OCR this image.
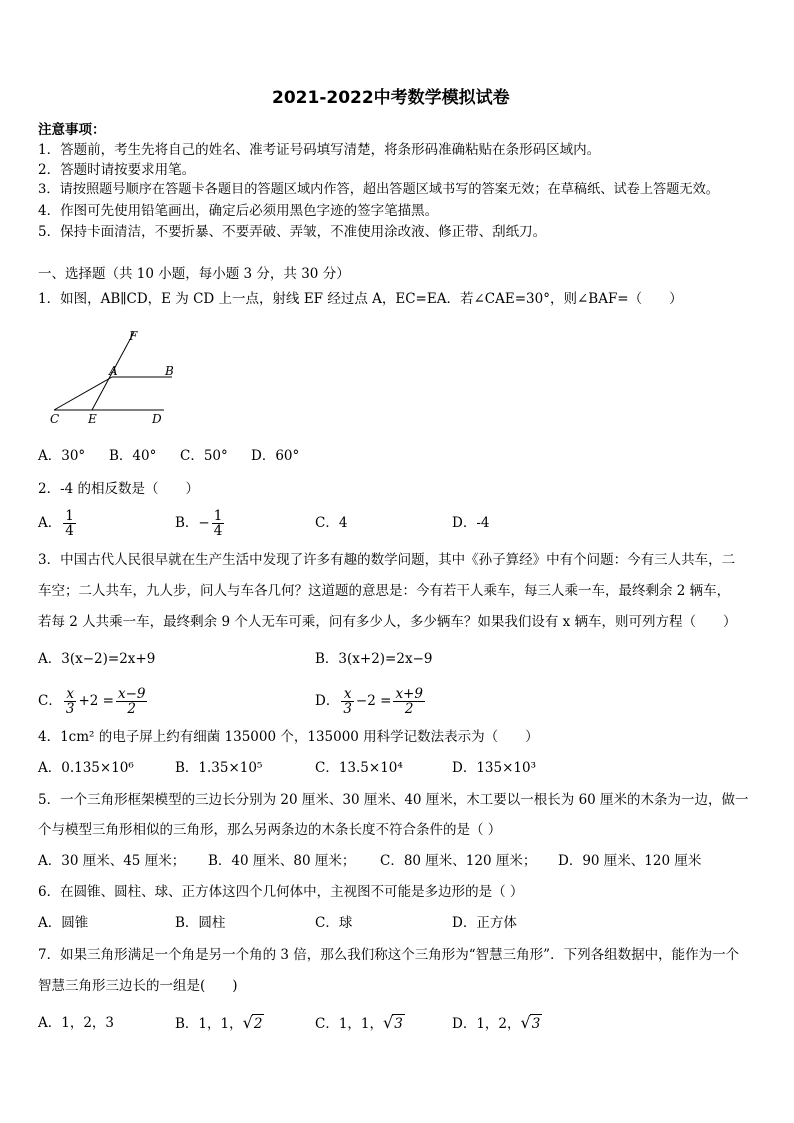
2021-2022中考数学模拟试卷
注意事项：
1．答题前，考生先将自己的姓名、准考证号码填写清楚，将条形码准确粘贴在条形码区域内。
2．答题时请按要求用笔。
3．请按照题号顺序在答题卡各题目的答题区域内作答，超出答题区域书写的答案无效；在草稿纸、试卷上答题无效。
4．作图可先使用铅笔画出，确定后必须用黑色字迹的签字笔描黑。
5．保持卡面清洁，不要折暴、不要弄破、弄皱，不准使用涂改液、修正带、刮纸刀。
一、选择题（共 10 小题，每小题 3 分，共 30 分）
1．如图，AB∥CD，E 为 CD 上一点，射线 EF 经过点 A，EC=EA．若∠CAE=30°，则∠BAF=（　　）
F
A	B
C E	D
A．30° B．40° C．50° D．60°
2．-4 的相反数是（　　）
A． $\frac{1}{4}$	B．− $\frac{1}{4}$	C．4	D．-4
3．中国古代人民很早就在生产生活中发现了许多有趣的数学问题，其中《孙子算经》中有个问题：今有三人共车，二
车空；二人共车，九人步，问人与车各几何？这道题的意思是：今有若干人乘车，每三人乘一车，最终剩余 2 辆车，
若每 2 人共乘一车，最终剩余 9 个人无车可乘，问有多少人，多少辆车？如果我们设有 x 辆车，则可列方程（　　）
A．3(x−2)=2x+9	B．3(x+2)=2x−9
C． $\frac{x}{3} +2 = \frac{x-9}{2}$	D． $\frac{x}{3} -2 = \frac{x+9}{2}$
4．1cm² 的电子屏上约有细菌 135000 个，135000 用科学记数法表示为（　　）
A．0.135×10⁶	B．1.35×10⁵	C．13.5×10⁴	D．135×10³
5．一个三角形框架模型的三边长分别为 20 厘米、30 厘米、40 厘米，木工要以一根长为 60 厘米的木条为一边，做一
个与模型三角形相似的三角形，那么另两条边的木条长度不符合条件的是（ ）
A．30 厘米、45 厘米； B．40 厘米、80 厘米； C．80 厘米、120 厘米； D．90 厘米、120 厘米
6．在圆锥、圆柱、球、正方体这四个几何体中，主视图不可能是多边形的是（ ）
A．圆锥	B．圆柱	C．球	D．正方体
7．如果三角形满足一个角是另一个角的 3 倍，那么我们称这个三角形为“智慧三角形”．下列各组数据中，能作为一个
智慧三角形三边长的一组是(　　)
A．1，2，3	B．1，1，√2	C．1，1，√3	D．1，2，√3
